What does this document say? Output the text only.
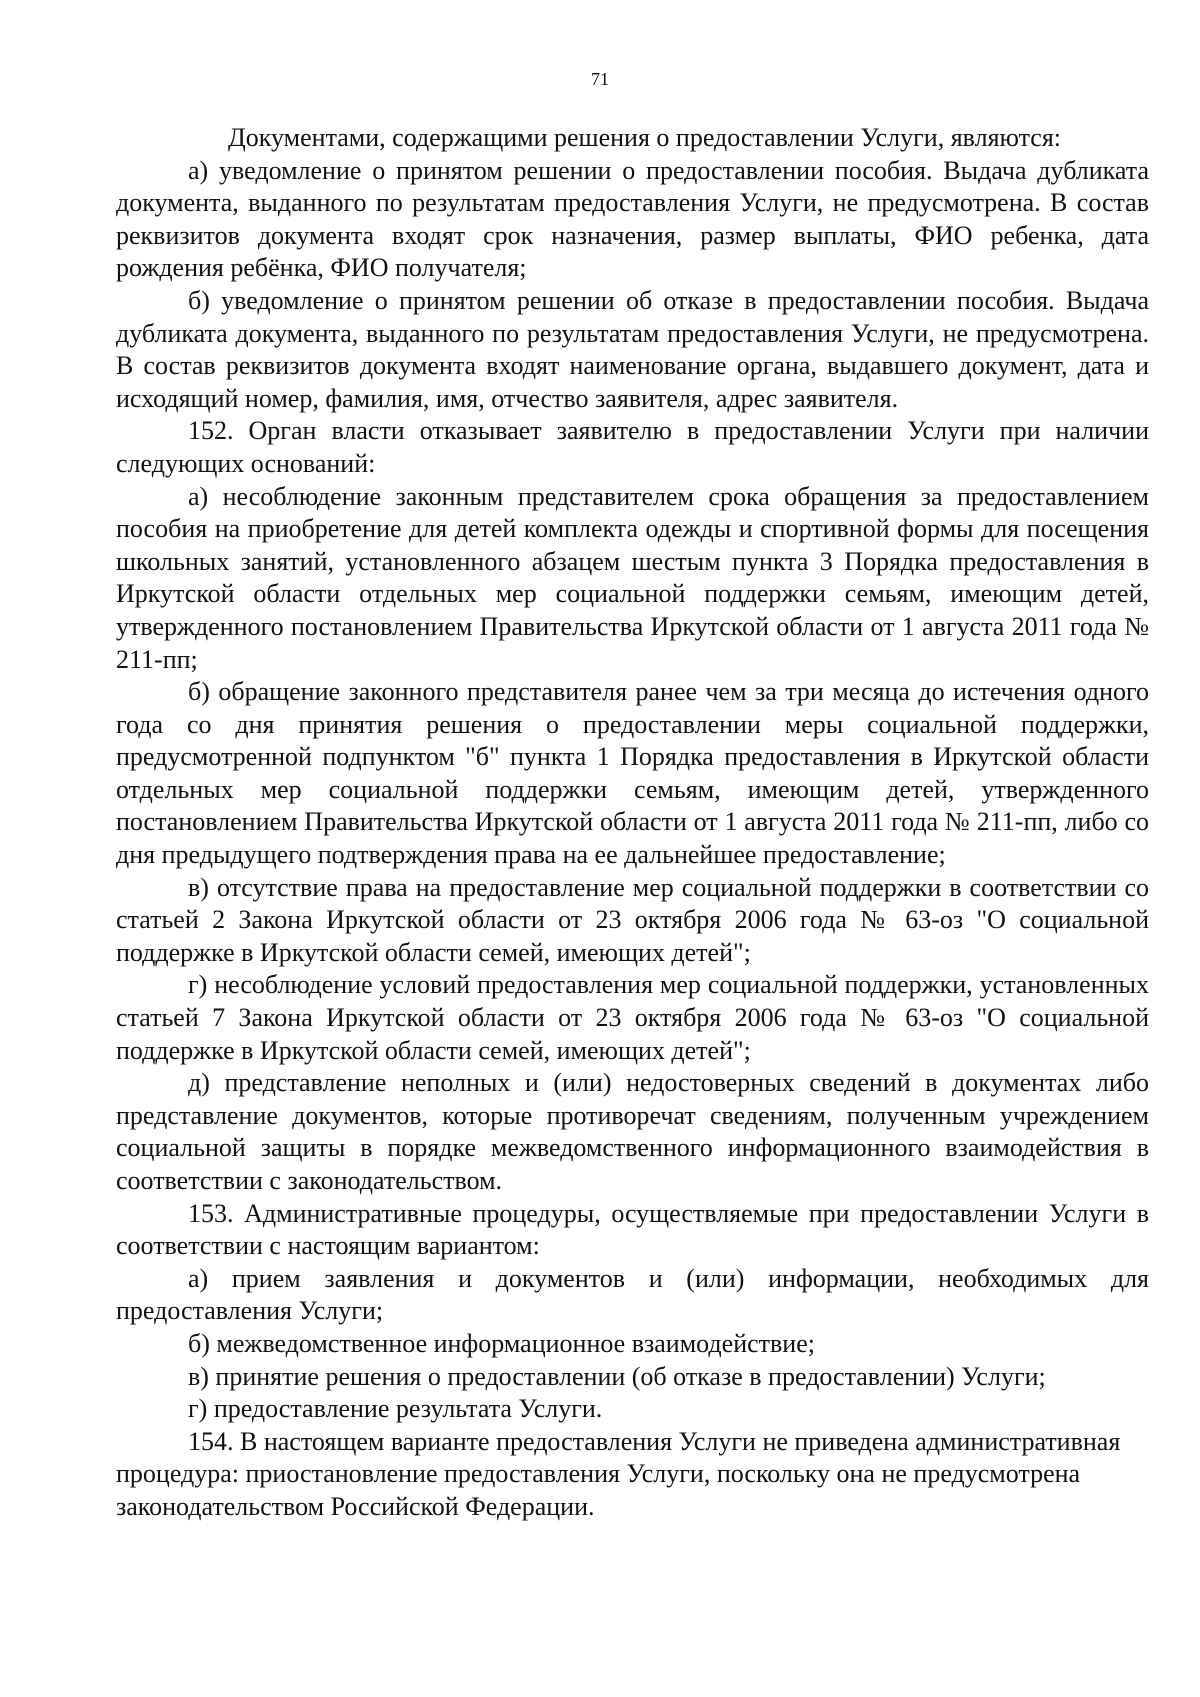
71

Документами, содержащими решения о предоставлении Услуги, являются:

а) уведомление о принятом решении о предоставлении пособия. Выдача дубликата документа, выданного по результатам предоставления Услуги, не предусмотрена. В состав реквизитов документа входят срок назначения, размер выплаты, ФИО ребенка, дата рождения ребёнка, ФИО получателя;

б) уведомление о принятом решении об отказе в предоставлении пособия. Выдача дубликата документа, выданного по результатам предоставления Услуги, не предусмотрена. В состав реквизитов документа входят наименование органа, выдавшего документ, дата и исходящий номер, фамилия, имя, отчество заявителя, адрес заявителя.

152. Орган власти отказывает заявителю в предоставлении Услуги при наличии следующих оснований:

а) несоблюдение законным представителем срока обращения за предоставлением пособия на приобретение для детей комплекта одежды и спортивной формы для посещения школьных занятий, установленного абзацем шестым пункта 3 Порядка предоставления в Иркутской области отдельных мер социальной поддержки семьям, имеющим детей, утвержденного постановлением Правительства Иркутской области от 1 августа 2011 года № 211-пп;

б) обращение законного представителя ранее чем за три месяца до истечения одного года со дня принятия решения о предоставлении меры социальной поддержки, предусмотренной подпунктом "б" пункта 1 Порядка предоставления в Иркутской области отдельных мер социальной поддержки семьям, имеющим детей, утвержденного постановлением Правительства Иркутской области от 1 августа 2011 года № 211-пп, либо со дня предыдущего подтверждения права на ее дальнейшее предоставление;

в) отсутствие права на предоставление мер социальной поддержки в соответствии со статьей 2 Закона Иркутской области от 23 октября 2006 года № 63-оз "О социальной поддержке в Иркутской области семей, имеющих детей";

г) несоблюдение условий предоставления мер социальной поддержки, установленных статьей 7 Закона Иркутской области от 23 октября 2006 года № 63-оз "О социальной поддержке в Иркутской области семей, имеющих детей";

д) представление неполных и (или) недостоверных сведений в документах либо представление документов, которые противоречат сведениям, полученным учреждением социальной защиты в порядке межведомственного информационного взаимодействия в соответствии с законодательством.

153. Административные процедуры, осуществляемые при предоставлении Услуги в соответствии с настоящим вариантом:

а) прием заявления и документов и (или) информации, необходимых для предоставления Услуги;

б) межведомственное информационное взаимодействие;

в) принятие решения о предоставлении (об отказе в предоставлении) Услуги;

г) предоставление результата Услуги.

154. В настоящем варианте предоставления Услуги не приведена административная процедура: приостановление предоставления Услуги, поскольку она не предусмотрена законодательством Российской Федерации.
